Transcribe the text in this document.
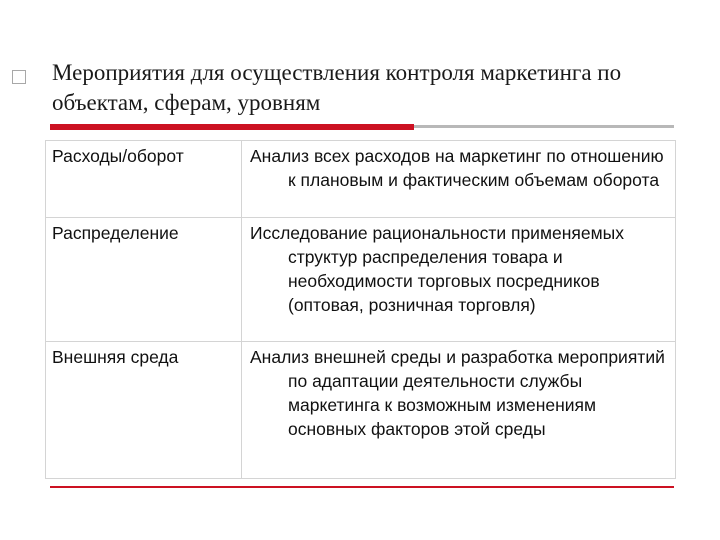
Мероприятия для осуществления контроля маркетинга по объектам, сферам, уровням
Расходы/оборот	Анализ всех расходов на маркетинг по отношению к плановым и фактическим объемам оборота
Распределение	Исследование рациональности применяемых структур распределения товара и необходимости торговых посредников (оптовая, розничная торговля)
Внешняя среда	Анализ внешней среды и разработка мероприятий по адаптации деятельности службы маркетинга к возможным изменениям основных факторов этой среды
